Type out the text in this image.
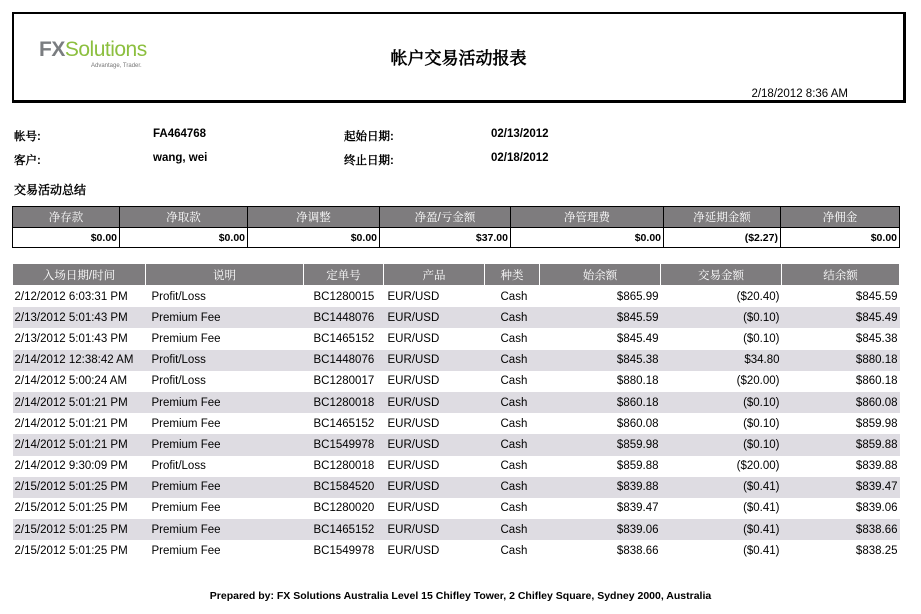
FXSolutions
Advantage, Trader.	帐户交易活动报表
2/18/2012 8:36 AM
帐号:	FA464768	起始日期:	02/13/2012
客户:	wang, wei	终止日期:	02/18/2012
交易活动总结
净存款	净取款	净调整	净盈/亏金额	净管理费	净延期金额	净佣金
$0.00	$0.00	$0.00	$37.00	$0.00	($2.27)	$0.00
入场日期/时间	说明	定单号	产品	种类	始余额	交易金额	结余额
2/12/2012 6:03:31 PM	Profit/Loss	BC1280015	EUR/USD	Cash	$865.99	($20.40)	$845.59
2/13/2012 5:01:43 PM	Premium Fee	BC1448076	EUR/USD	Cash	$845.59	($0.10)	$845.49
2/13/2012 5:01:43 PM	Premium Fee	BC1465152	EUR/USD	Cash	$845.49	($0.10)	$845.38
2/14/2012 12:38:42 AM	Profit/Loss	BC1448076	EUR/USD	Cash	$845.38	$34.80	$880.18
2/14/2012 5:00:24 AM	Profit/Loss	BC1280017	EUR/USD	Cash	$880.18	($20.00)	$860.18
2/14/2012 5:01:21 PM	Premium Fee	BC1280018	EUR/USD	Cash	$860.18	($0.10)	$860.08
2/14/2012 5:01:21 PM	Premium Fee	BC1465152	EUR/USD	Cash	$860.08	($0.10)	$859.98
2/14/2012 5:01:21 PM	Premium Fee	BC1549978	EUR/USD	Cash	$859.98	($0.10)	$859.88
2/14/2012 9:30:09 PM	Profit/Loss	BC1280018	EUR/USD	Cash	$859.88	($20.00)	$839.88
2/15/2012 5:01:25 PM	Premium Fee	BC1584520	EUR/USD	Cash	$839.88	($0.41)	$839.47
2/15/2012 5:01:25 PM	Premium Fee	BC1280020	EUR/USD	Cash	$839.47	($0.41)	$839.06
2/15/2012 5:01:25 PM	Premium Fee	BC1465152	EUR/USD	Cash	$839.06	($0.41)	$838.66
2/15/2012 5:01:25 PM	Premium Fee	BC1549978	EUR/USD	Cash	$838.66	($0.41)	$838.25
Prepared by: FX Solutions Australia Level 15 Chifley Tower, 2 Chifley Square, Sydney 2000, Australia
